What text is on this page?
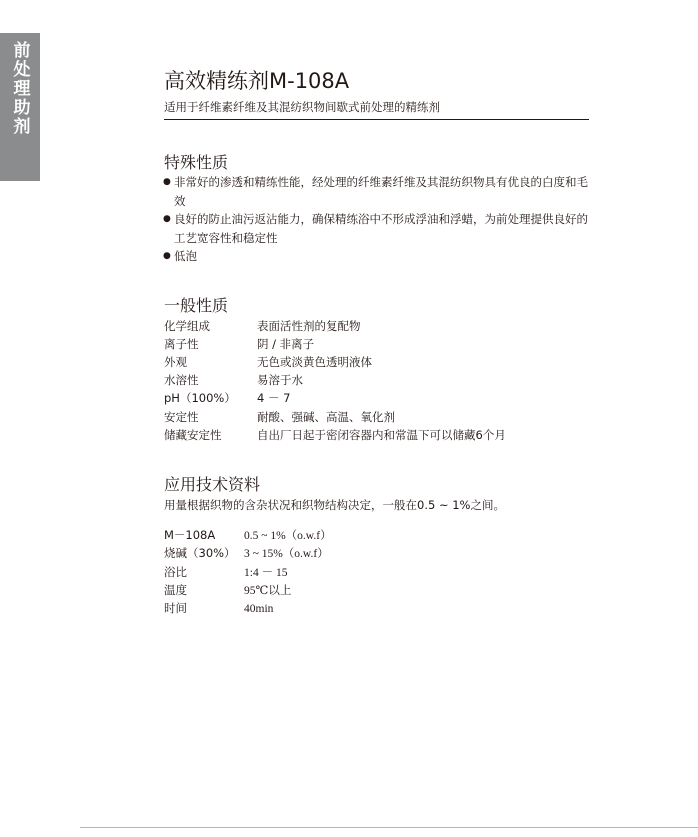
前处理助剂	高效精练剂M-108A
适用于纤维素纤维及其混纺织物间歇式前处理的精练剂
特殊性质
● 非常好的渗透和精练性能，经处理的纤维素纤维及其混纺织物具有优良的白度和毛效
● 良好的防止油污返沾能力，确保精练浴中不形成浮油和浮蜡，为前处理提供良好的工艺宽容性和稳定性
● 低泡
一般性质
化学组成	表面活性剂的复配物
离子性	阴 / 非离子
外观	无色或淡黄色透明液体
水溶性	易溶于水
pH（100%） 4 － 7
安定性	耐酸、强碱、高温、氧化剂
储藏安定性	自出厂日起于密闭容器内和常温下可以储藏6个月
应用技术资料
用量根据织物的含杂状况和织物结构决定，一般在0.5 ~ 1%之间。
M－108A	0.5 ~ 1%（o.w.f）
烧碱（30%） 3 ~ 15%（o.w.f）
浴比	1:4 － 15
温度	95℃以上
时间	40min
